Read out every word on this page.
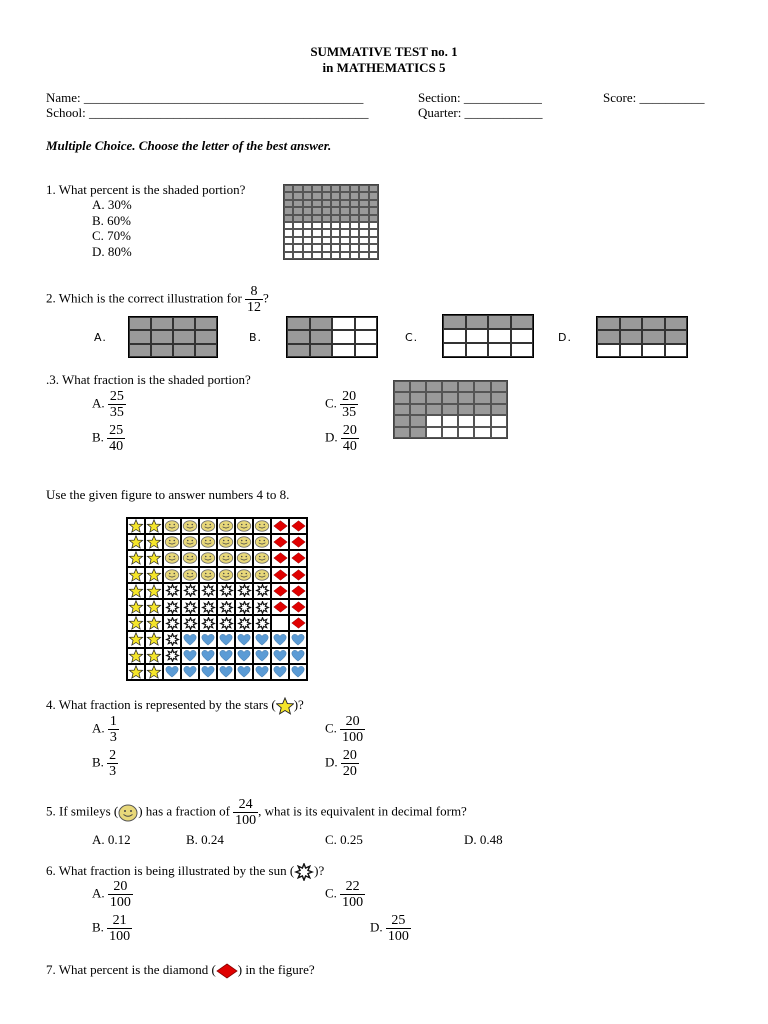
SUMMATIVE TEST no. 1
in MATHEMATICS 5
Name: ___________________________________________	Section: ____________	Score: __________
School: ___________________________________________	Quarter: ____________
Multiple Choice. Choose the letter of the best answer.
1. What percent is the shaded portion?
A. 30%
B. 60%
C. 70%
D. 80%
2. Which is the correct illustration for $\frac{8}{12}$ ?
A.	B.	C.	D.
.3. What fraction is the shaded portion?
A. $\frac{25}{35}$
B. $\frac{25}{40}$
C. $\frac{20}{35}$
D. $\frac{20}{40}$
Use the given figure to answer numbers 4 to 8.
4. What fraction is represented by the stars ( )?
A. $\frac{1}{3}$
B. $\frac{2}{3}$
C. $\frac{20}{100}$
D. $\frac{20}{20}$
5. If smileys ( ) has a fraction of $\frac{24}{100}$ , what is its equivalent in decimal form?
A. 0.12	B. 0.24	C. 0.25	D. 0.48
6. What fraction is being illustrated by the sun ( )?
A. $\frac{20}{100}$
B. $\frac{21}{100}$
C. $\frac{22}{100}$
D. $\frac{25}{100}$
7. What percent is the diamond ( ) in the figure?
